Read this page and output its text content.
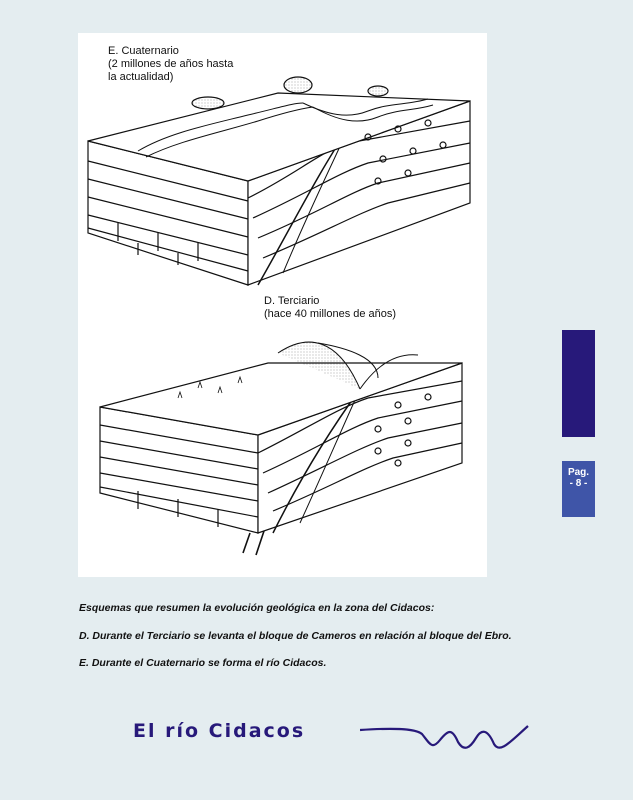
E. Cuaternario
(2 millones de años hasta
la actualidad)
D. Terciario
(hace 40 millones de años)
Pag.
- 8 -
Esquemas que resumen la evolución geológica en la zona del Cidacos:
D. Durante el Terciario se levanta el bloque de Cameros en relación al bloque del Ebro.
E. Durante el Cuaternario se forma el río Cidacos.
El río Cidacos
